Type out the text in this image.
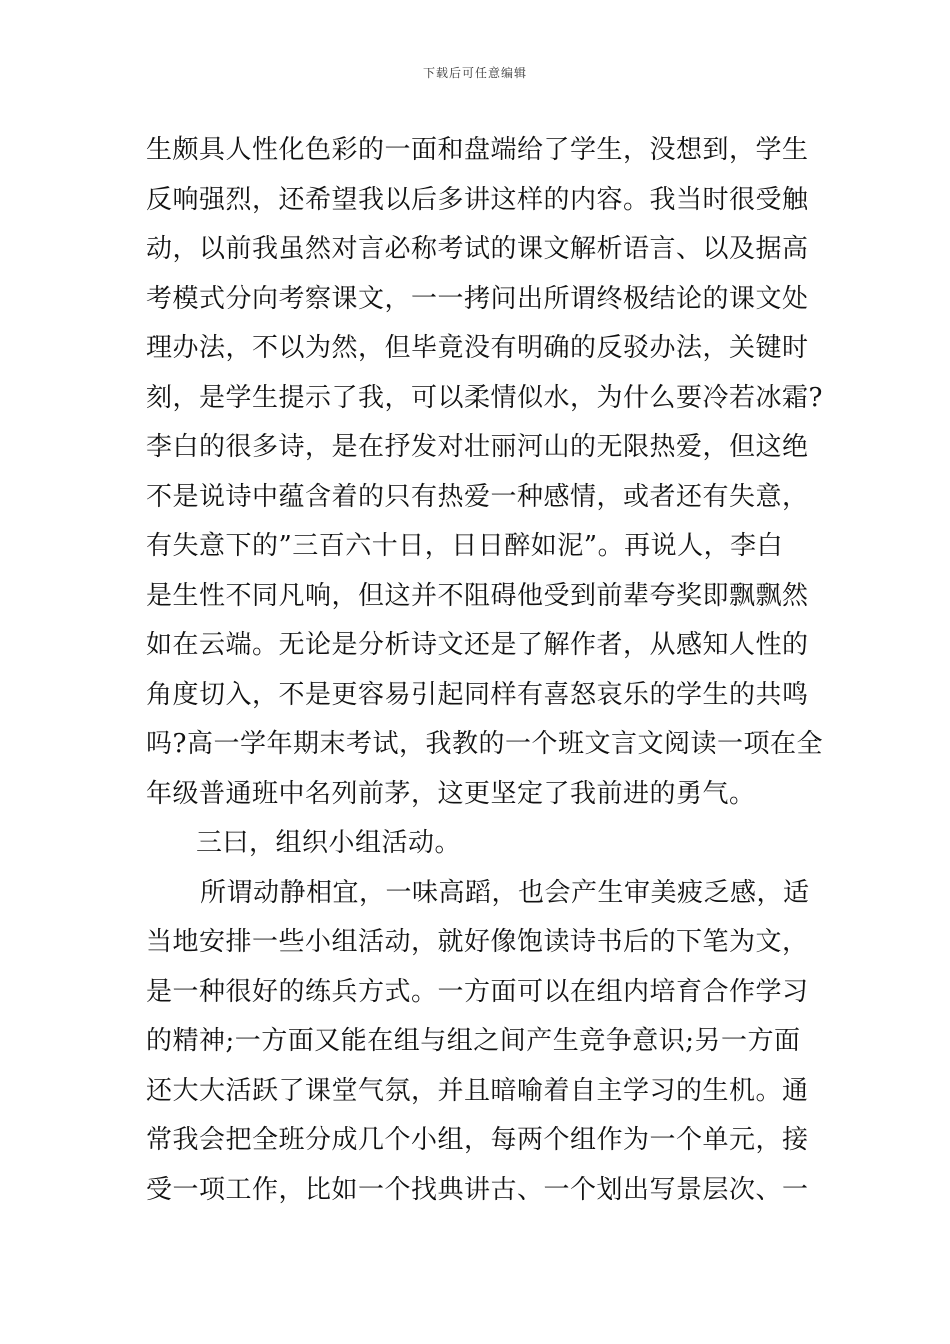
下载后可任意编辑
生颇具人性化色彩的一面和盘端给了学生，没想到，学生
反响强烈，还希望我以后多讲这样的内容。我当时很受触
动，以前我虽然对言必称考试的课文解析语言、以及据高
考模式分向考察课文，一一拷问出所谓终极结论的课文处
理办法，不以为然，但毕竟没有明确的反驳办法，关键时
刻，是学生提示了我，可以柔情似水，为什么要冷若冰霜?
李白的很多诗，是在抒发对壮丽河山的无限热爱，但这绝
不是说诗中蕴含着的只有热爱一种感情，或者还有失意，
有失意下的”三百六十日，日日醉如泥”。再说人，李白
是生性不同凡响，但这并不阻碍他受到前辈夸奖即飘飘然
如在云端。无论是分析诗文还是了解作者，从感知人性的
角度切入，不是更容易引起同样有喜怒哀乐的学生的共鸣
吗?高一学年期末考试，我教的一个班文言文阅读一项在全
年级普通班中名列前茅，这更坚定了我前进的勇气。
三曰，组织小组活动。
所谓动静相宜，一味高蹈，也会产生审美疲乏感，适
当地安排一些小组活动，就好像饱读诗书后的下笔为文，
是一种很好的练兵方式。一方面可以在组内培育合作学习
的精神;一方面又能在组与组之间产生竞争意识;另一方面
还大大活跃了课堂气氛，并且暗喻着自主学习的生机。通
常我会把全班分成几个小组，每两个组作为一个单元，接
受一项工作，比如一个找典讲古、一个划出写景层次、一
